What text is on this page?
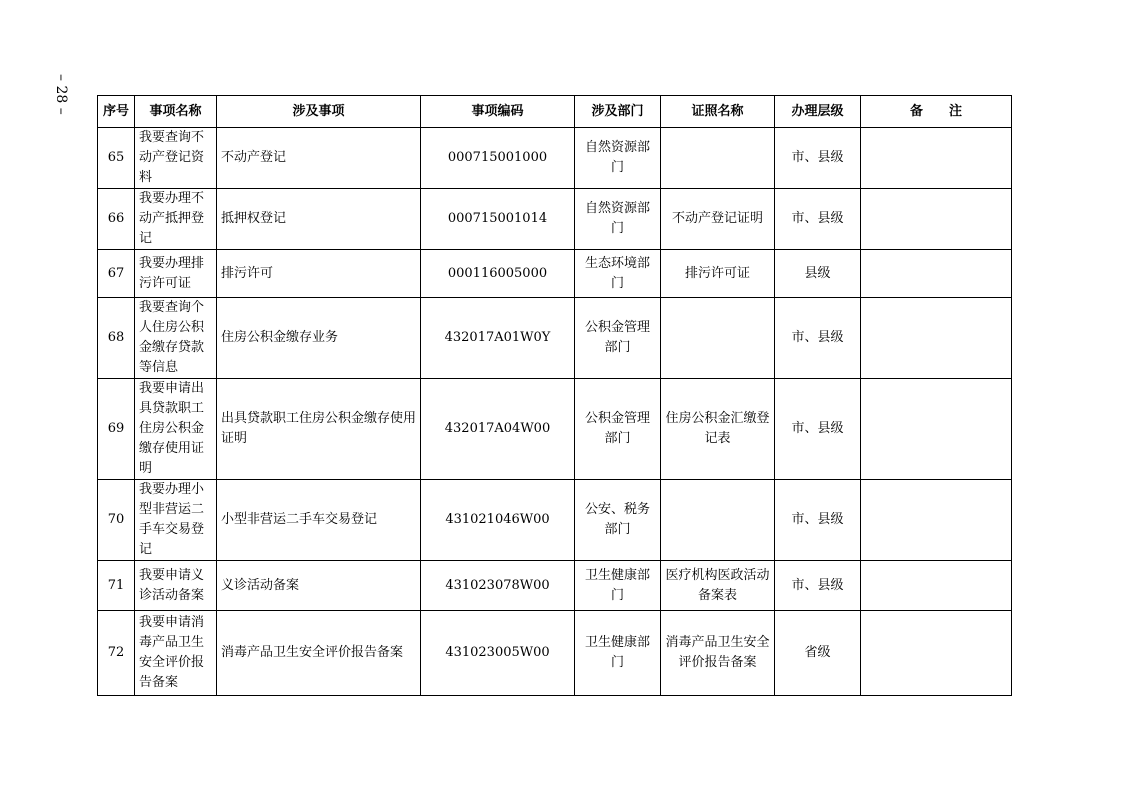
– 28 –	序号	事项名称	涉及事项	事项编码	涉及部门	证照名称	办理层级	备　　注
65	我要查询不动产登记资料	不动产登记	000715001000	自然资源部门		市、县级	
66	我要办理不动产抵押登记	抵押权登记	000715001014	自然资源部门	不动产登记证明	市、县级	
67	我要办理排污许可证	排污许可	000116005000	生态环境部门	排污许可证	县级	
68	我要查询个人住房公积金缴存贷款等信息	住房公积金缴存业务	432017A01W0Y	公积金管理部门		市、县级	
69	我要申请出具贷款职工住房公积金缴存使用证明	出具贷款职工住房公积金缴存使用证明	432017A04W00	公积金管理部门	住房公积金汇缴登记表	市、县级	
70	我要办理小型非营运二手车交易登记	小型非营运二手车交易登记	431021046W00	公安、税务部门		市、县级	
71	我要申请义诊活动备案	义诊活动备案	431023078W00	卫生健康部门	医疗机构医政活动备案表	市、县级	
72	我要申请消毒产品卫生安全评价报告备案	消毒产品卫生安全评价报告备案	431023005W00	卫生健康部门	消毒产品卫生安全评价报告备案	省级	
